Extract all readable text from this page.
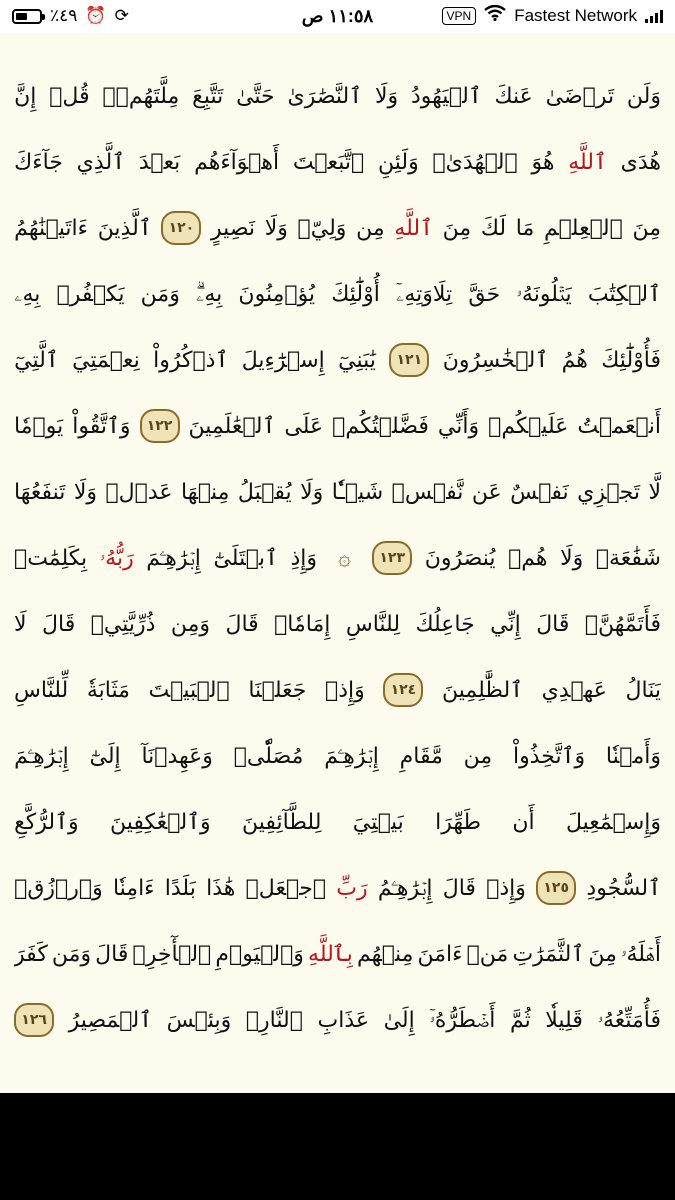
٪٤٩ ⏰ ⟳	١١:٥٨ ص	VPN	Fastest Network
وَلَن
تَرۡضَىٰ
عَنكَ
ٱلۡيَهُودُ
وَلَا
ٱلنَّصَٰرَىٰ
حَتَّىٰ
تَتَّبِعَ
مِلَّتَهُمۡۗ
قُلۡ
إِنَّ
هُدَى
ٱللَّهِ
هُوَ
ٱلۡهُدَىٰۗ
وَلَئِنِ
ٱتَّبَعۡتَ
أَهۡوَآءَهُم
بَعۡدَ
ٱلَّذِي
جَآءَكَ
مِنَ
ٱلۡعِلۡمِ
مَا
لَكَ
مِنَ
ٱللَّهِ
مِن
وَلِيّٖ
وَلَا
نَصِيرٍ
١٢٠
ٱلَّذِينَ
ءَاتَيۡنَٰهُمُ
ٱلۡكِتَٰبَ
يَتۡلُونَهُۥ
حَقَّ
تِلَاوَتِهِۦٓ
أُوْلَٰٓئِكَ
يُؤۡمِنُونَ
بِهِۦۗ
وَمَن
يَكۡفُرۡ
بِهِۦ
فَأُوْلَٰٓئِكَ
هُمُ
ٱلۡخَٰسِرُونَ
١٢١
يَٰبَنِيٓ
إِسۡرَٰٓءِيلَ
ٱذۡكُرُواْ
نِعۡمَتِيَ
ٱلَّتِيٓ
أَنۡعَمۡتُ
عَلَيۡكُمۡ
وَأَنِّي
فَضَّلۡتُكُمۡ
عَلَى
ٱلۡعَٰلَمِينَ
١٢٢
وَٱتَّقُواْ
يَوۡمٗا
لَّا
تَجۡزِي
نَفۡسٌ
عَن
نَّفۡسٖ
شَيۡـٔٗا
وَلَا
يُقۡبَلُ
مِنۡهَا
عَدۡلٞ
وَلَا
تَنفَعُهَا
شَفَٰعَةٞ
وَلَا
هُمۡ
يُنصَرُونَ
١٢٣
۞
وَإِذِ
ٱبۡتَلَىٰٓ
إِبۡرَٰهِـۧمَ
رَبُّهُۥ
بِكَلِمَٰتٖ
فَأَتَمَّهُنَّۖ
قَالَ
إِنِّي
جَاعِلُكَ
لِلنَّاسِ
إِمَامٗاۖ
قَالَ
وَمِن
ذُرِّيَّتِيۖ
قَالَ
لَا
يَنَالُ
عَهۡدِي
ٱلظَّٰلِمِينَ
١٢٤
وَإِذۡ
جَعَلۡنَا
ٱلۡبَيۡتَ
مَثَابَةٗ
لِّلنَّاسِ
وَأَمۡنٗا
وَٱتَّخِذُواْ
مِن
مَّقَامِ
إِبۡرَٰهِـۧمَ
مُصَلّٗىۖ
وَعَهِدۡنَآ
إِلَىٰٓ
إِبۡرَٰهِـۧمَ
وَإِسۡمَٰعِيلَ
أَن
طَهِّرَا
بَيۡتِيَ
لِلطَّآئِفِينَ
وَٱلۡعَٰكِفِينَ
وَٱلرُّكَّعِ
ٱلسُّجُودِ
١٢٥
وَإِذۡ
قَالَ
إِبۡرَٰهِـۧمُ
رَبِّ
ٱجۡعَلۡ
هَٰذَا
بَلَدًا
ءَامِنٗا
وَٱرۡزُقۡ
أَهۡلَهُۥ
مِنَ
ٱلثَّمَرَٰتِ
مَنۡ
ءَامَنَ
مِنۡهُم
بِٱللَّهِ
وَٱلۡيَوۡمِ
ٱلۡأٓخِرِۚ
قَالَ
وَمَن
كَفَرَ
فَأُمَتِّعُهُۥ
قَلِيلٗا
ثُمَّ
أَضۡطَرُّهُۥٓ
إِلَىٰ
عَذَابِ
ٱلنَّارِۖ
وَبِئۡسَ
ٱلۡمَصِيرُ
١٢٦
